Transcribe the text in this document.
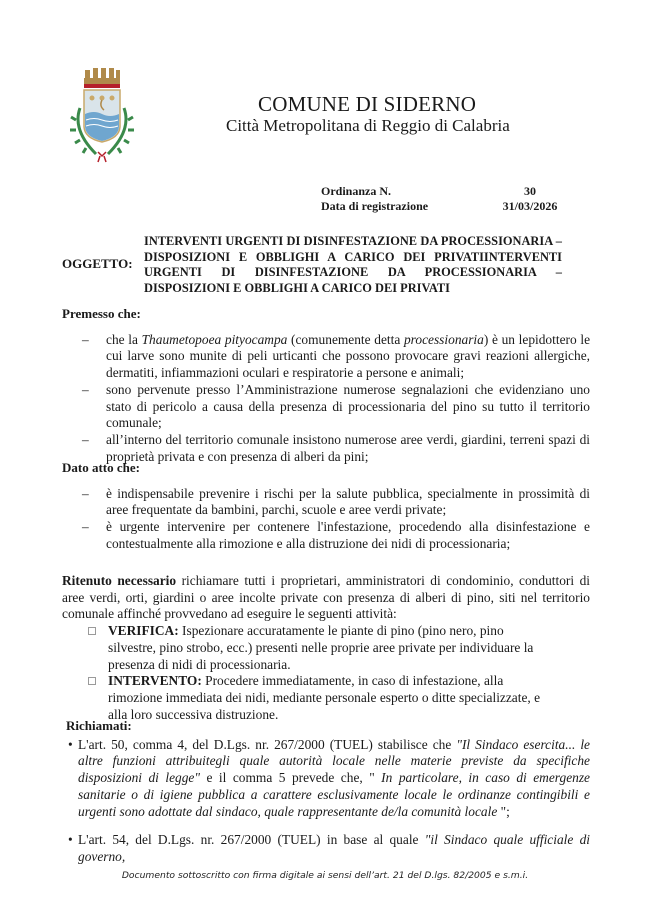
COMUNE DI SIDERNO
Città Metropolitana di Reggio di Calabria
Ordinanza N.	30
Data di registrazione	31/03/2026
OGGETTO:
INTERVENTI URGENTI DI DISINFESTAZIONE DA PROCESSIONARIA – DISPOSIZIONI E OBBLIGHI A CARICO DEI PRIVATIINTERVENTI URGENTI DI DISINFESTAZIONE DA PROCESSIONARIA – DISPOSIZIONI E OBBLIGHI A CARICO DEI PRIVATI
Premesso che:
– che la Thaumetopoea pityocampa (comunemente detta processionaria) è un lepidottero le cui larve sono munite di peli urticanti che possono provocare gravi reazioni allergiche, dermatiti, infiammazioni oculari e respiratorie a persone e animali;
– sono pervenute presso l’Amministrazione numerose segnalazioni che evidenziano uno stato di pericolo a causa della presenza di processionaria del pino su tutto il territorio comunale;
– all’interno del territorio comunale insistono numerose aree verdi, giardini, terreni spazi di proprietà privata e con presenza di alberi da pini;
Dato atto che:
– è indispensabile prevenire i rischi per la salute pubblica, specialmente in prossimità di aree frequentate da bambini, parchi, scuole e aree verdi private;
– è urgente intervenire per contenere l'infestazione, procedendo alla disinfestazione e contestualmente alla rimozione e alla distruzione dei nidi di processionaria;
Ritenuto necessario richiamare tutti i proprietari, amministratori di condominio, conduttori di aree verdi, orti, giardini o aree incolte private con presenza di alberi di pino, siti nel territorio comunale affinché provvedano ad eseguire le seguenti attività:
VERIFICA: Ispezionare accuratamente le piante di pino (pino nero, pino silvestre, pino strobo, ecc.) presenti nelle proprie aree private per individuare la presenza di nidi di processionaria.
INTERVENTO: Procedere immediatamente, in caso di infestazione, alla rimozione immediata dei nidi, mediante personale esperto o ditte specializzate, e alla loro successiva distruzione.
Richiamati:
• L'art. 50, comma 4, del D.Lgs. nr. 267/2000 (TUEL) stabilisce che "Il Sindaco esercita... le altre funzioni attribuitegli quale autorità locale nelle materie previste da specifiche disposizioni di legge" e il comma 5 prevede che, " In particolare, in caso di emergenze sanitarie o di igiene pubblica a carattere esclusivamente locale le ordinanze contingibili e urgenti sono adottate dal sindaco, quale rappresentante de/la comunità locale ";
• L'art. 54, del D.Lgs. nr. 267/2000 (TUEL) in base al quale "il Sindaco quale ufficiale di governo,
Documento sottoscritto con firma digitale ai sensi dell’art. 21 del D.lgs. 82/2005 e s.m.i.
